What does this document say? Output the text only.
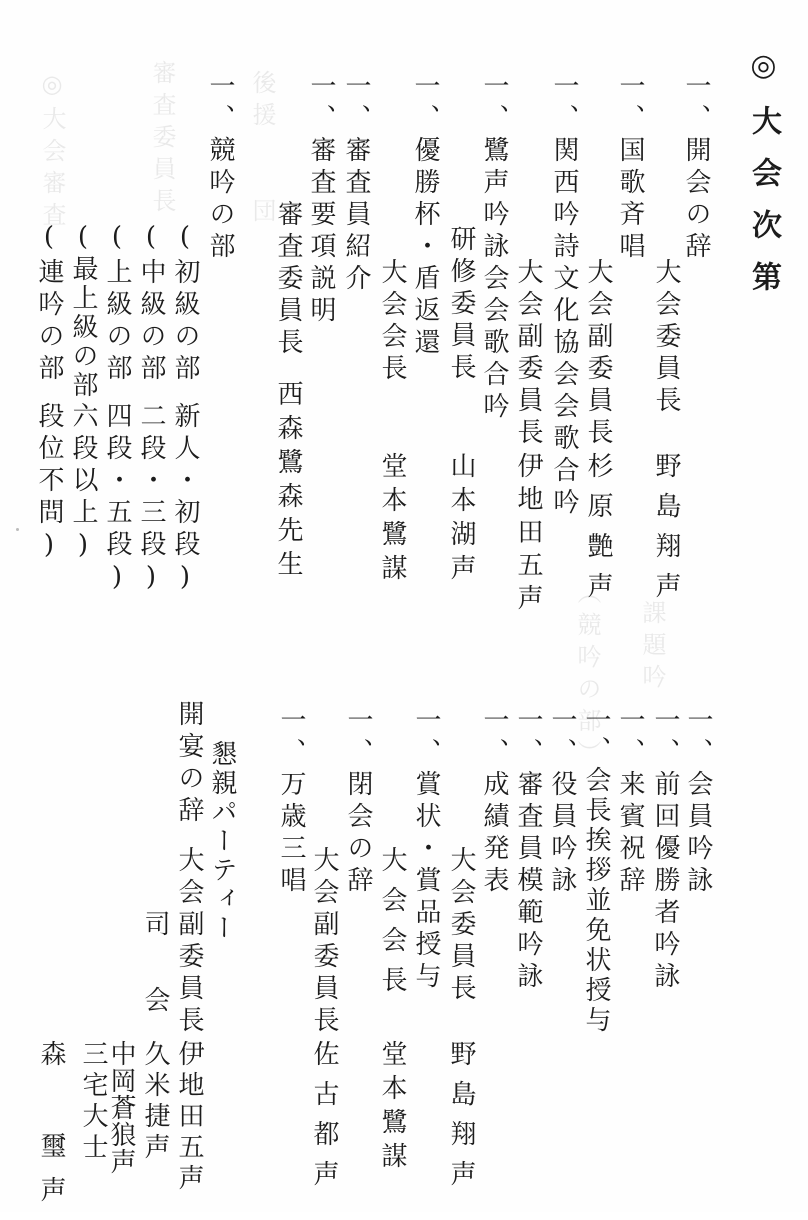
◎大会審査	審査委員長	後援　　団
（競吟の部） 課題吟
◎大会次第
一、開会の辞
大会委員長
野島翔声
一、国歌斉唱
一、関西吟詩文化協会会歌合吟 大会副委員長
杉原艶声
一、鷺声吟詠会会歌合吟 大会副委員長
伊地田五声
研修委員長
山本湖声
一、優勝杯・盾返還
大会会長
堂本鷺謀
一、審査員紹介
一、審査要項説明
審査委員長
西森鷺森先生
一、競吟の部
(初級の部
新人・初段)
(中級の部
二段・三段)
(上級の部
四段・五段)
(最上級の部
六段以上)
(連吟の部
段位不問)
一、会員吟詠
一、前回優勝者吟詠
一、来賓祝辞
一、会長挨拶並免状授与
一、役員吟詠
一、審査員模範吟詠
一、成績発表
大会委員長
野島翔声
一、賞状・賞品授与
大会会長
堂本鷺謀
一、閉会の辞
大会副委員長
佐古都声
一、万歳三唱
懇親パーティー
開宴の辞
大会副委員長
伊地田五声
司 会
久米捷声
中岡蒼狼声
三宅大士
森 璽声
